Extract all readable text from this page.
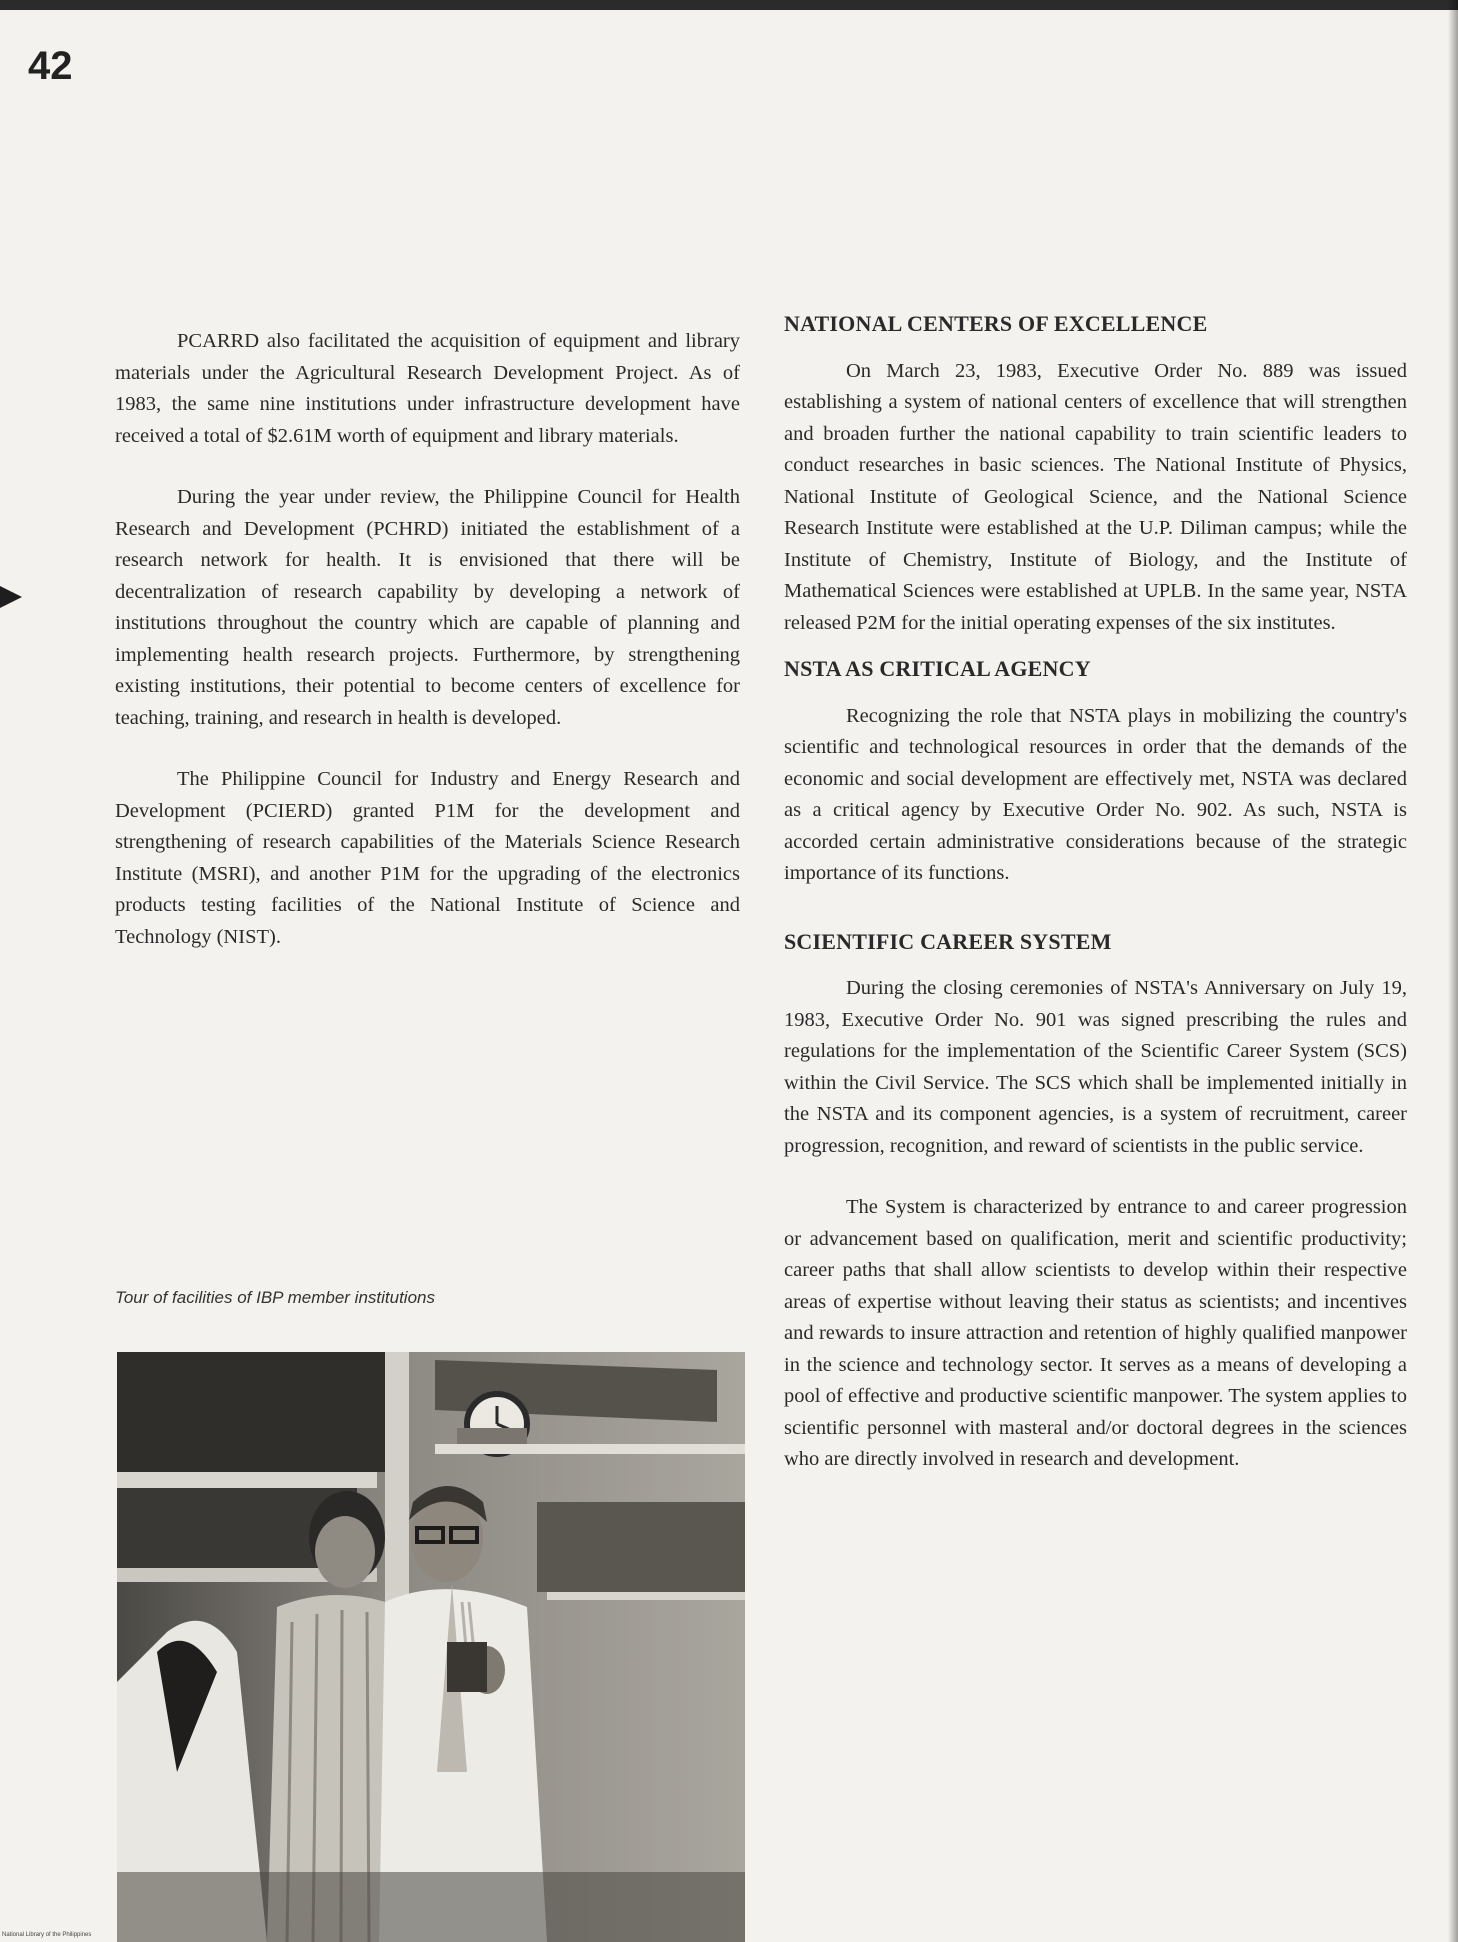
42

PCARRD also facilitated the acquisition of equipment and library materials under the Agricultural Research Development Project. As of 1983, the same nine institutions under infrastructure development have received a total of $2.61M worth of equipment and library materials.

During the year under review, the Philippine Council for Health Research and Development (PCHRD) initiated the establishment of a research network for health. It is envisioned that there will be decentralization of research capability by developing a network of institutions throughout the country which are capable of planning and implementing health research projects. Furthermore, by strengthening existing institutions, their potential to become centers of excellence for teaching, training, and research in health is developed.

The Philippine Council for Industry and Energy Research and Development (PCIERD) granted P1M for the development and strengthening of research capabilities of the Materials Science Research Institute (MSRI), and another P1M for the upgrading of the electronics products testing facilities of the National Institute of Science and Technology (NIST).

Tour of facilities of IBP member institutions
NATIONAL CENTERS OF EXCELLENCE

On March 23, 1983, Executive Order No. 889 was issued establishing a system of national centers of excellence that will strengthen and broaden further the national capability to train scientific leaders to conduct researches in basic sciences. The National Institute of Physics, National Institute of Geological Science, and the National Science Research Institute were established at the U.P. Diliman campus; while the Institute of Chemistry, Institute of Biology, and the Institute of Mathematical Sciences were established at UPLB. In the same year, NSTA released P2M for the initial operating expenses of the six institutes.

NSTA AS CRITICAL AGENCY

Recognizing the role that NSTA plays in mobilizing the country's scientific and technological resources in order that the demands of the economic and social development are effectively met, NSTA was declared as a critical agency by Executive Order No. 902. As such, NSTA is accorded certain administrative considerations because of the strategic importance of its functions.

SCIENTIFIC CAREER SYSTEM

During the closing ceremonies of NSTA's Anniversary on July 19, 1983, Executive Order No. 901 was signed prescribing the rules and regulations for the implementation of the Scientific Career System (SCS) within the Civil Service. The SCS which shall be implemented initially in the NSTA and its component agencies, is a system of recruitment, career progression, recognition, and reward of scientists in the public service.

The System is characterized by entrance to and career progression or advancement based on qualification, merit and scientific productivity; career paths that shall allow scientists to develop within their respective areas of expertise without leaving their status as scientists; and incentives and rewards to insure attraction and retention of highly qualified manpower in the science and technology sector. It serves as a means of developing a pool of effective and productive scientific manpower. The system applies to scientific personnel with masteral and/or doctoral degrees in the sciences who are directly involved in research and development.

National Library of the Philippines
